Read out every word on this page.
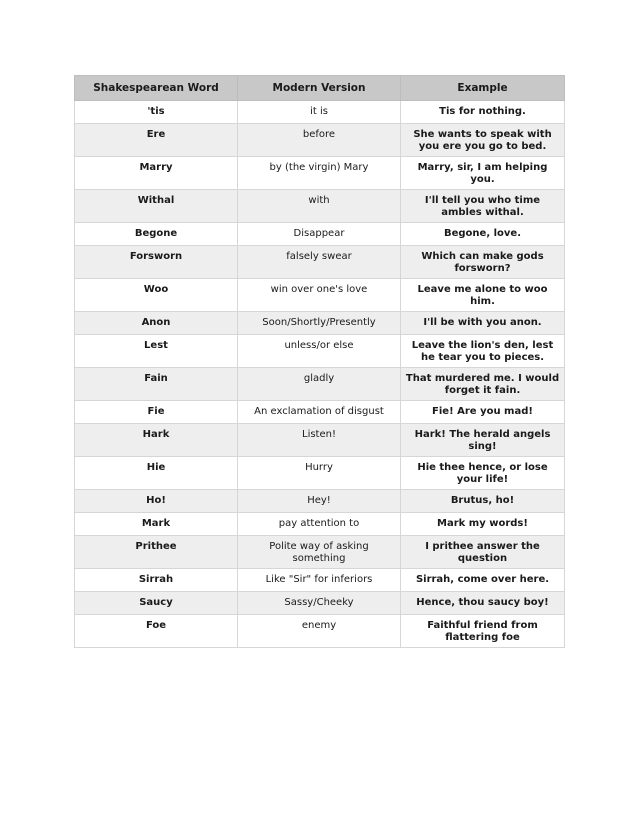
Shakespearean Word	Modern Version	Example
'tis	it is	Tis for nothing.
Ere	before	She wants to speak with you ere you go to bed.
Marry	by (the virgin) Mary	Marry, sir, I am helping you.
Withal	with	I'll tell you who time ambles withal.
Begone	Disappear	Begone, love.
Forsworn	falsely swear	Which can make gods forsworn?
Woo	win over one's love	Leave me alone to woo him.
Anon	Soon/Shortly/Presently	I'll be with you anon.
Lest	unless/or else	Leave the lion's den, lest he tear you to pieces.
Fain	gladly	That murdered me. I would forget it fain.
Fie	An exclamation of disgust	Fie! Are you mad!
Hark	Listen!	Hark! The herald angels sing!
Hie	Hurry	Hie thee hence, or lose your life!
Ho!	Hey!	Brutus, ho!
Mark	pay attention to	Mark my words!
Prithee	Polite way of asking something	I prithee answer the question
Sirrah	Like "Sir" for inferiors	Sirrah, come over here.
Saucy	Sassy/Cheeky	Hence, thou saucy boy!
Foe	enemy	Faithful friend from flattering foe
